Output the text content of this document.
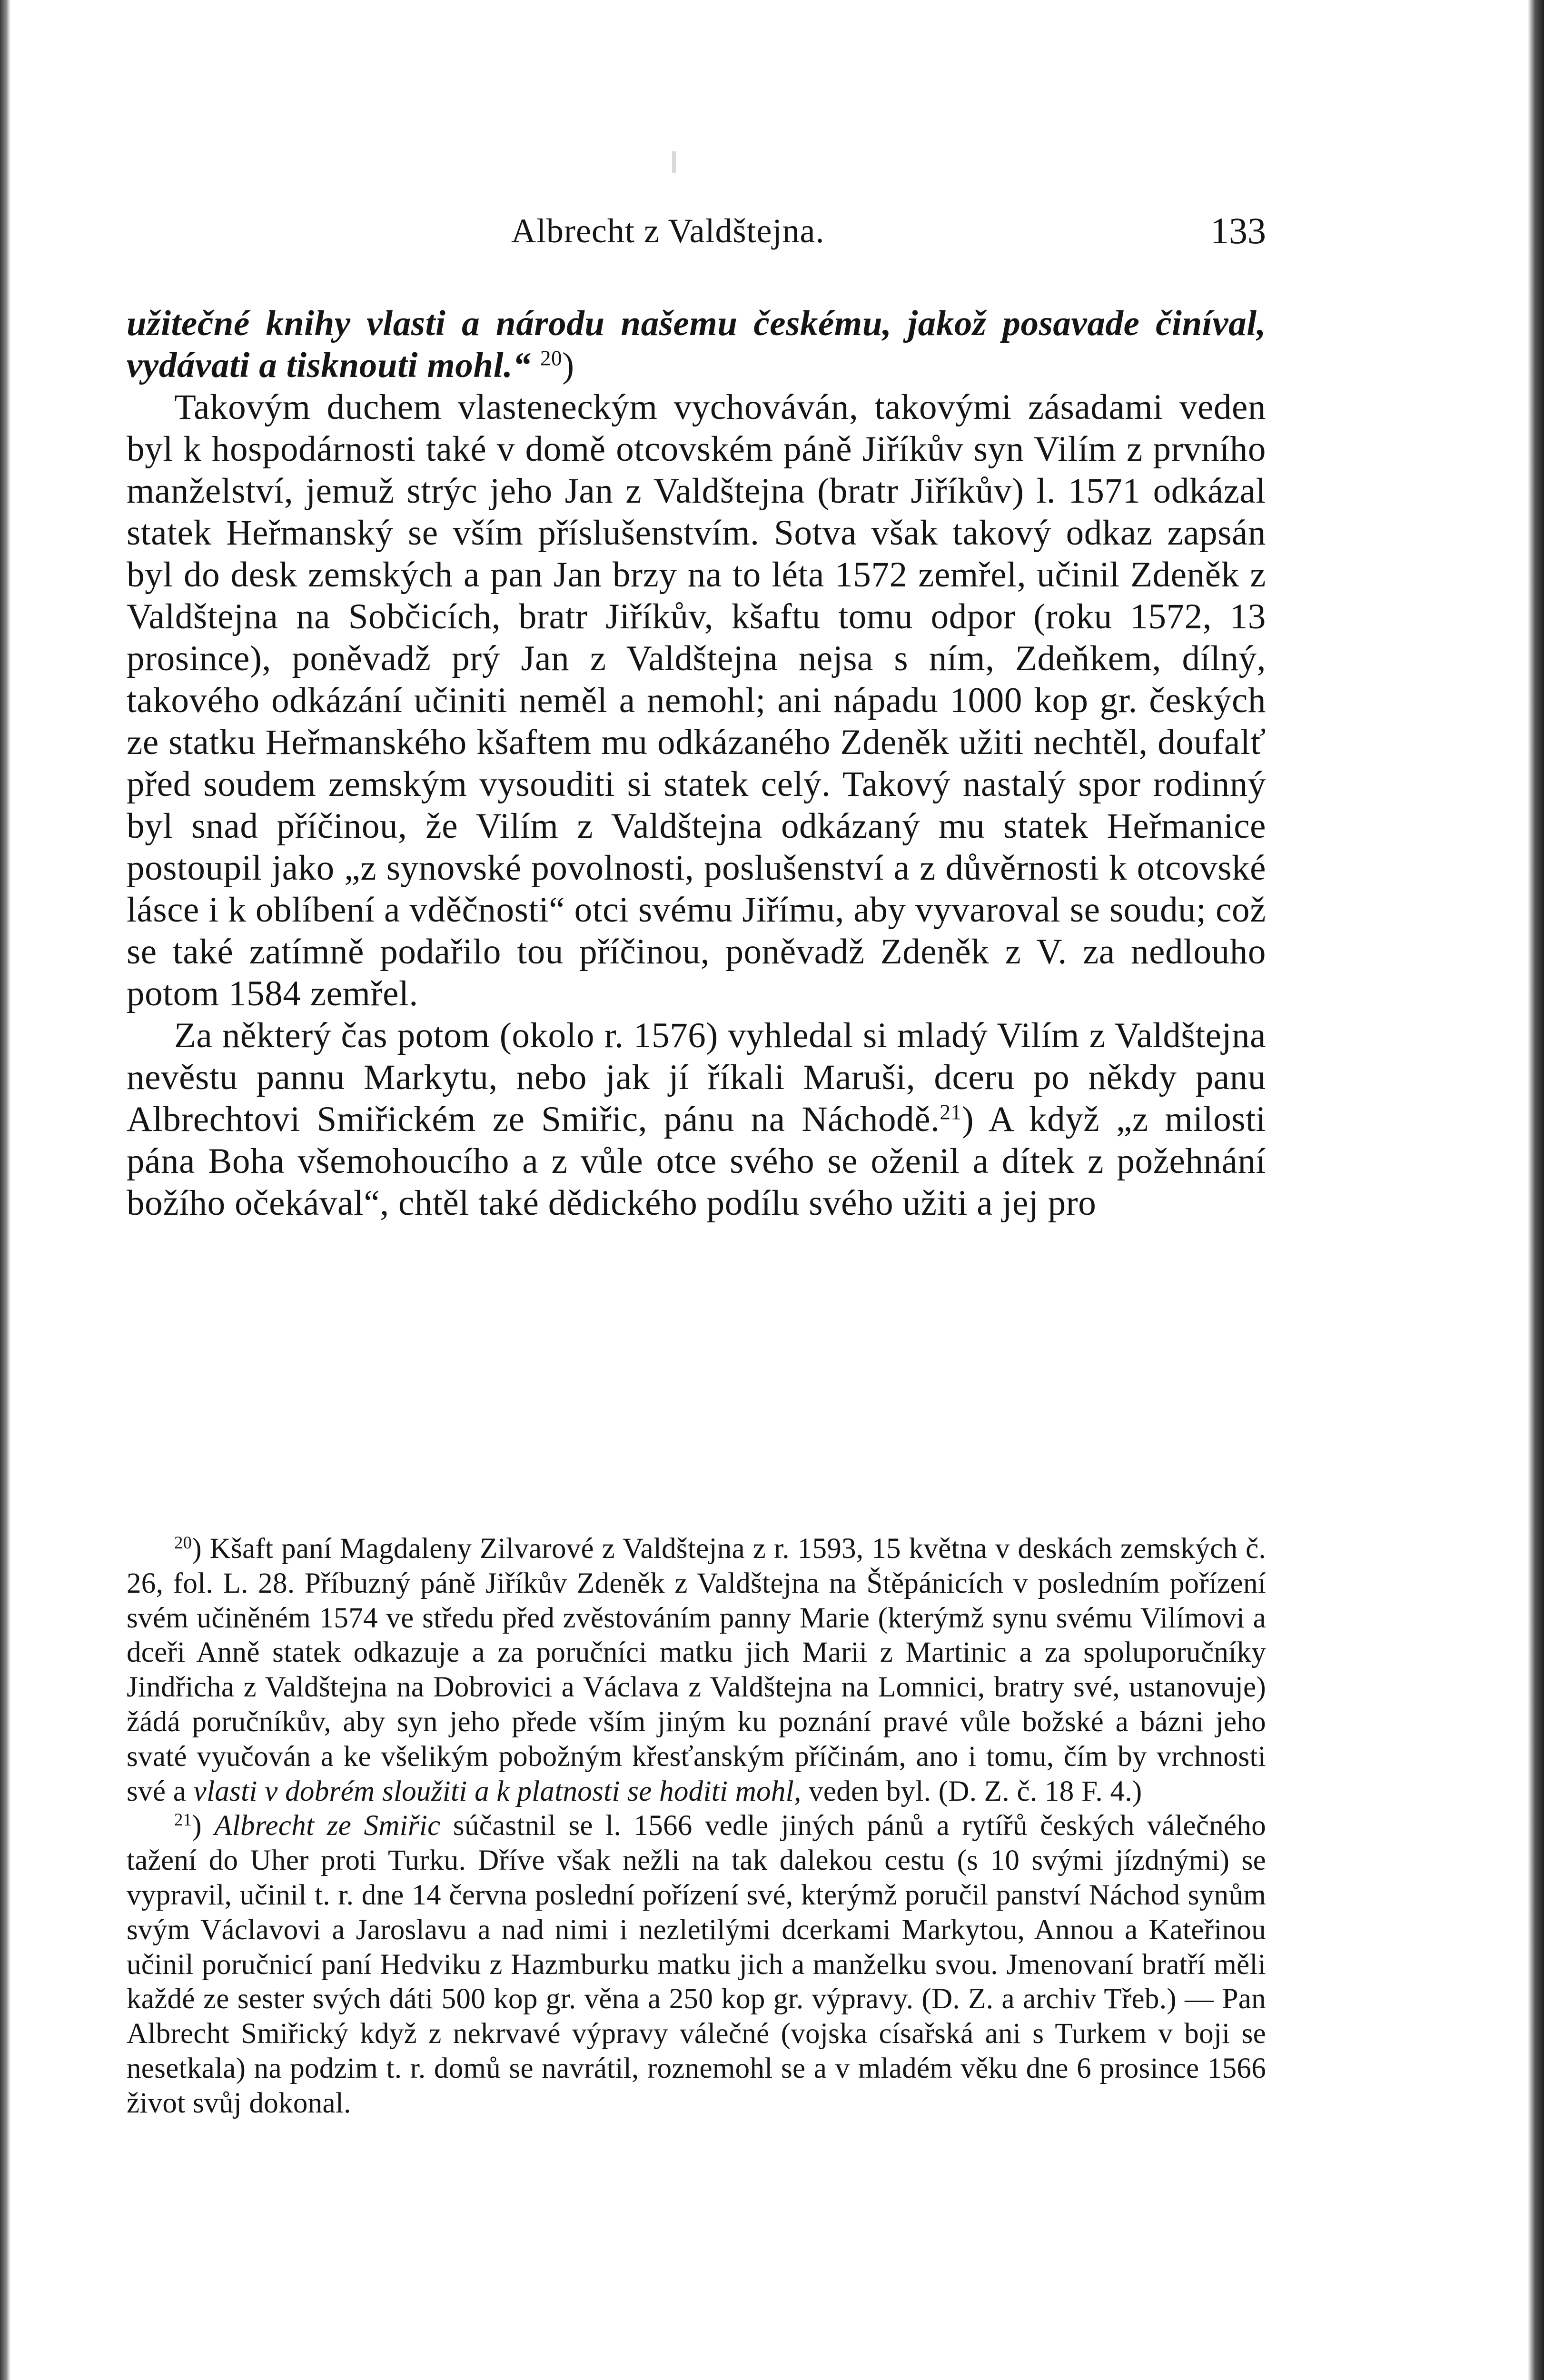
Albrecht z Valdštejna.	133

užitečné knihy vlasti a národu našemu českému, jakož posavade činíval, vydávati a tisknouti mohl.“ $^{20}$)

Takovým duchem vlasteneckým vychováván, takovými zásadami veden byl k hospodárnosti také v domě otcovském páně Jiříkův syn Vilím z prvního manželství, jemuž strýc jeho Jan z Valdštejna (bratr Jiříkův) l. 1571 odkázal statek Heřmanský se vším příslušenstvím. Sotva však takový odkaz zapsán byl do desk zemských a pan Jan brzy na to léta 1572 zemřel, učinil Zdeněk z Valdštejna na Sobčicích, bratr Jiříkův, kšaftu tomu odpor (roku 1572, 13 prosince), poněvadž prý Jan z Valdštejna nejsa s ním, Zdeňkem, dílný, takového odkázání učiniti neměl a nemohl; ani nápadu 1000 kop gr. českých ze statku Heřmanského kšaftem mu odkázaného Zdeněk užiti nechtěl, doufalť před soudem zemským vysouditi si statek celý. Takový nastalý spor rodinný byl snad příčinou, že Vilím z Valdštejna odkázaný mu statek Heřmanice postoupil jako „z synovské povolnosti, poslušenství a z důvěrnosti k otcovské lásce i k oblíbení a vděčnosti“ otci svému Jiřímu, aby vyvaroval se soudu; což se také zatímně podařilo tou příčinou, poněvadž Zdeněk z V. za nedlouho potom 1584 zemřel.

Za některý čas potom (okolo r. 1576) vyhledal si mladý Vilím z Valdštejna nevěstu pannu Markytu, nebo jak jí říkali Maruši, dceru po někdy panu Albrechtovi Smiřickém ze Smiřic, pánu na Náchodě.$^{21}$) A když „z milosti pána Boha všemohoucího a z vůle otce svého se oženil a dítek z požehnání božího očekával“, chtěl také dědického podílu svého užiti a jej pro

$^{20}$) Kšaft paní Magdaleny Zilvarové z Valdštejna z r. 1593, 15 května v deskách zemských č. 26, fol. L. 28. Příbuzný páně Jiříkův Zdeněk z Valdštejna na Štěpánicích v posledním pořízení svém učiněném 1574 ve středu před zvěstováním panny Marie (kterýmž synu svému Vilímovi a dceři Anně statek odkazuje a za poručníci matku jich Marii z Martinic a za spoluporučníky Jindřicha z Valdštejna na Dobrovici a Václava z Valdštejna na Lomnici, bratry své, ustanovuje) žádá poručníkův, aby syn jeho přede vším jiným ku poznání pravé vůle božské a bázni jeho svaté vyučován a ke všelikým pobožným křesťanským příčinám, ano i tomu, čím by vrchnosti své a vlasti v dobrém sloužiti a k platnosti se hoditi mohl, veden byl. (D. Z. č. 18 F. 4.)

$^{21}$) Albrecht ze Smiřic súčastnil se l. 1566 vedle jiných pánů a rytířů českých válečného tažení do Uher proti Turku. Dříve však nežli na tak dalekou cestu (s 10 svými jízdnými) se vypravil, učinil t. r. dne 14 června poslední pořízení své, kterýmž poručil panství Náchod synům svým Václavovi a Jaroslavu a nad nimi i nezletilými dcerkami Markytou, Annou a Kateřinou učinil poručnicí paní Hedviku z Hazmburku matku jich a manželku svou. Jmenovaní bratří měli každé ze sester svých dáti 500 kop gr. věna a 250 kop gr. výpravy. (D. Z. a archiv Třeb.) — Pan Albrecht Smiřický když z nekrvavé výpravy válečné (vojska císařská ani s Turkem v boji se nesetkala) na podzim t. r. domů se navrátil, roznemohl se a v mladém věku dne 6 prosince 1566 život svůj dokonal.
